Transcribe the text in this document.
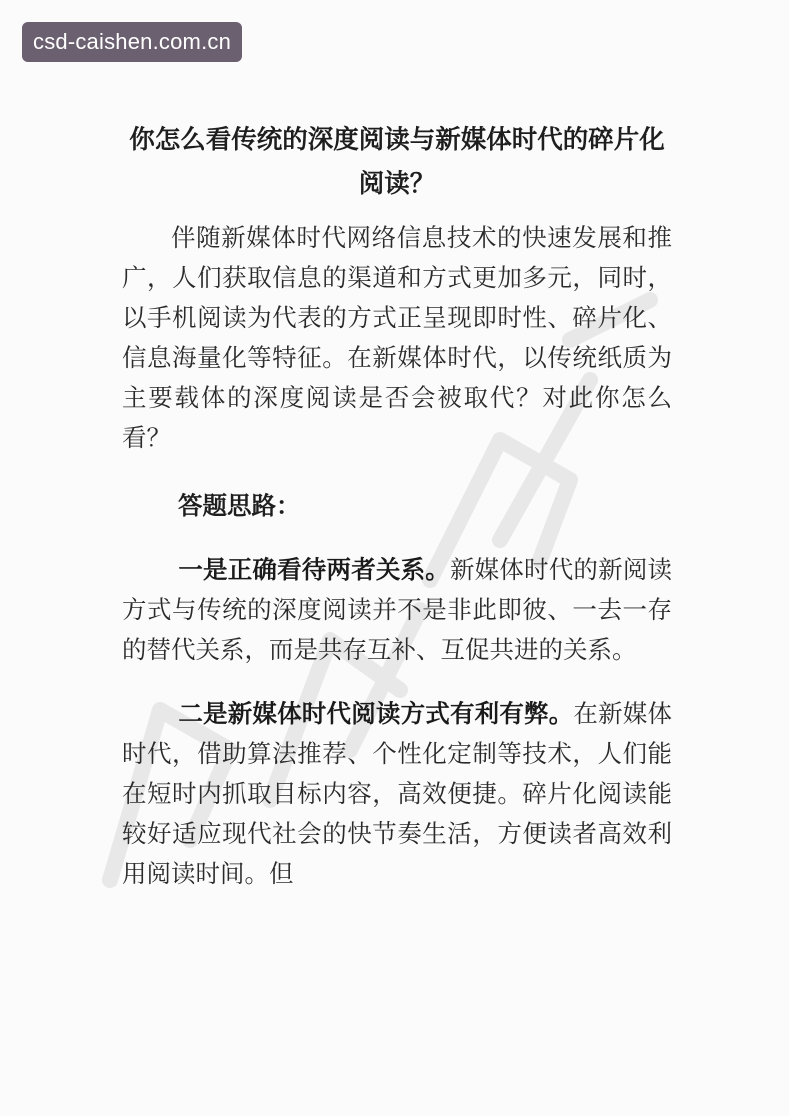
csd-caishen.com.cn
你怎么看传统的深度阅读与新媒体时代的碎片化阅读？

伴随新媒体时代网络信息技术的快速发展和推广，人们获取信息的渠道和方式更加多元，同时，以手机阅读为代表的方式正呈现即时性、碎片化、信息海量化等特征。在新媒体时代，以传统纸质为主要载体的深度阅读是否会被取代？对此你怎么看？

答题思路：

一是正确看待两者关系。新媒体时代的新阅读方式与传统的深度阅读并不是非此即彼、一去一存的替代关系，而是共存互补、互促共进的关系。

二是新媒体时代阅读方式有利有弊。在新媒体时代，借助算法推荐、个性化定制等技术，人们能在短时内抓取目标内容，高效便捷。碎片化阅读能较好适应现代社会的快节奏生活，方便读者高效利用阅读时间。但
